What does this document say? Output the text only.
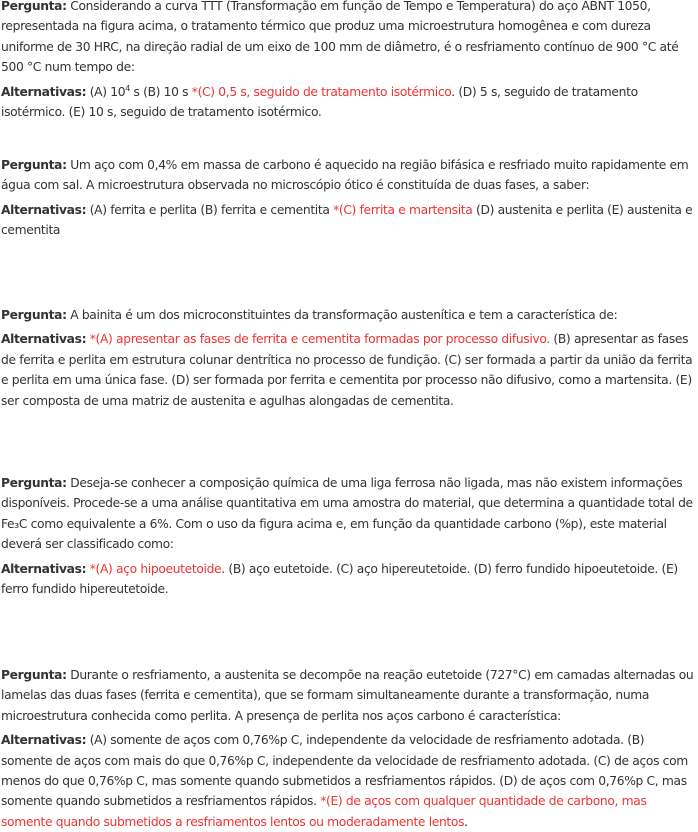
Pergunta: Considerando a curva TTT (Transformação em função de Tempo e Temperatura) do aço ABNT 1050, representada na figura acima, o tratamento térmico que produz uma microestrutura homogênea e com dureza uniforme de 30 HRC, na direção radial de um eixo de 100 mm de diâmetro, é o resfriamento contínuo de 900 °C até 500 °C num tempo de:

Alternativas: (A) $10^4$ s (B) 10 s *(C) 0,5 s, seguido de tratamento isotérmico. (D) 5 s, seguido de tratamento isotérmico. (E) 10 s, seguido de tratamento isotérmico.

Pergunta: Um aço com 0,4% em massa de carbono é aquecido na região bifásica e resfriado muito rapidamente em água com sal. A microestrutura observada no microscópio ótico é constituída de duas fases, a saber:

Alternativas: (A) ferrita e perlita (B) ferrita e cementita *(C) ferrita e martensita (D) austenita e perlita (E) austenita e cementita

Pergunta: A bainita é um dos microconstituintes da transformação austenítica e tem a característica de:

Alternativas: *(A) apresentar as fases de ferrita e cementita formadas por processo difusivo. (B) apresentar as fases de ferrita e perlita em estrutura colunar dentrítica no processo de fundição. (C) ser formada a partir da união da ferrita e perlita em uma única fase. (D) ser formada por ferrita e cementita por processo não difusivo, como a martensita. (E) ser composta de uma matriz de austenita e agulhas alongadas de cementita.

Pergunta: Deseja-se conhecer a composição química de uma liga ferrosa não ligada, mas não existem informações disponíveis. Procede-se a uma análise quantitativa em uma amostra do material, que determina a quantidade total de Fe₃C como equivalente a 6%. Com o uso da figura acima e, em função da quantidade carbono (%p), este material deverá ser classificado como:

Alternativas: *(A) aço hipoeutetoide. (B) aço eutetoide. (C) aço hipereutetoide. (D) ferro fundido hipoeutetoide. (E) ferro fundido hipereutetoide.

Pergunta: Durante o resfriamento, a austenita se decompõe na reação eutetoide (727°C) em camadas alternadas ou lamelas das duas fases (ferrita e cementita), que se formam simultaneamente durante a transformação, numa microestrutura conhecida como perlita. A presença de perlita nos aços carbono é característica:

Alternativas: (A) somente de aços com 0,76%p C, independente da velocidade de resfriamento adotada. (B) somente de aços com mais do que 0,76%p C, independente da velocidade de resfriamento adotada. (C) de aços com menos do que 0,76%p C, mas somente quando submetidos a resfriamentos rápidos. (D) de aços com 0,76%p C, mas somente quando submetidos a resfriamentos rápidos. *(E) de aços com qualquer quantidade de carbono, mas somente quando submetidos a resfriamentos lentos ou moderadamente lentos.
